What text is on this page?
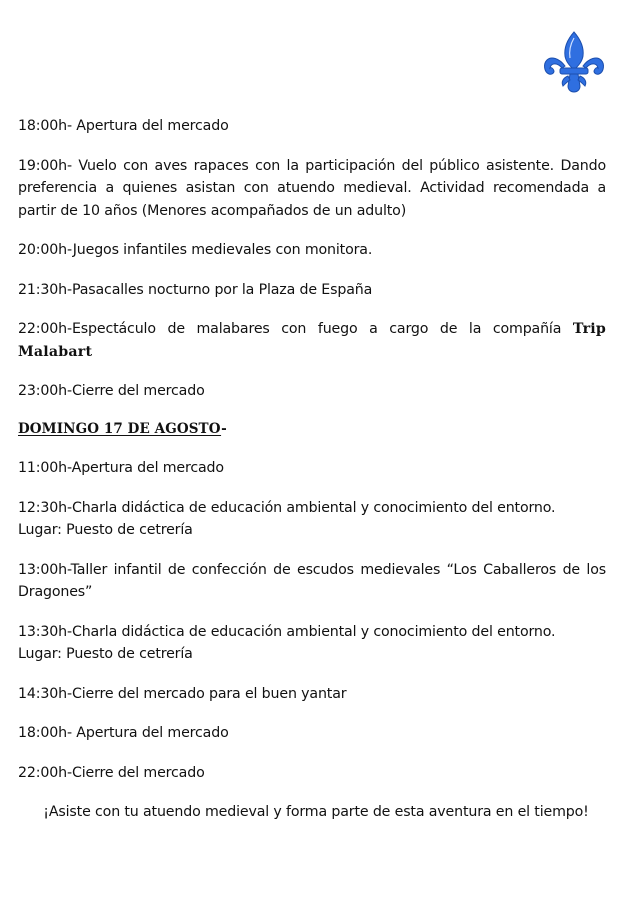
18:00h- Apertura del mercado

19:00h- Vuelo con aves rapaces con la participación del público asistente. Dando preferencia a quienes asistan con atuendo medieval. Actividad recomendada a partir de 10 años (Menores acompañados de un adulto)

20:00h-Juegos infantiles medievales con monitora.

21:30h-Pasacalles nocturno por la Plaza de España

22:00h-Espectáculo de malabares con fuego a cargo de la compañía Trip Malabart

23:00h-Cierre del mercado

DOMINGO 17 DE AGOSTO-

11:00h-Apertura del mercado

12:30h-Charla didáctica de educación ambiental y conocimiento del entorno.
Lugar: Puesto de cetrería

13:00h-Taller infantil de confección de escudos medievales “Los Caballeros de los Dragones”

13:30h-Charla didáctica de educación ambiental y conocimiento del entorno.
Lugar: Puesto de cetrería

14:30h-Cierre del mercado para el buen yantar

18:00h- Apertura del mercado

22:00h-Cierre del mercado

¡Asiste con tu atuendo medieval y forma parte de esta aventura en el tiempo!
